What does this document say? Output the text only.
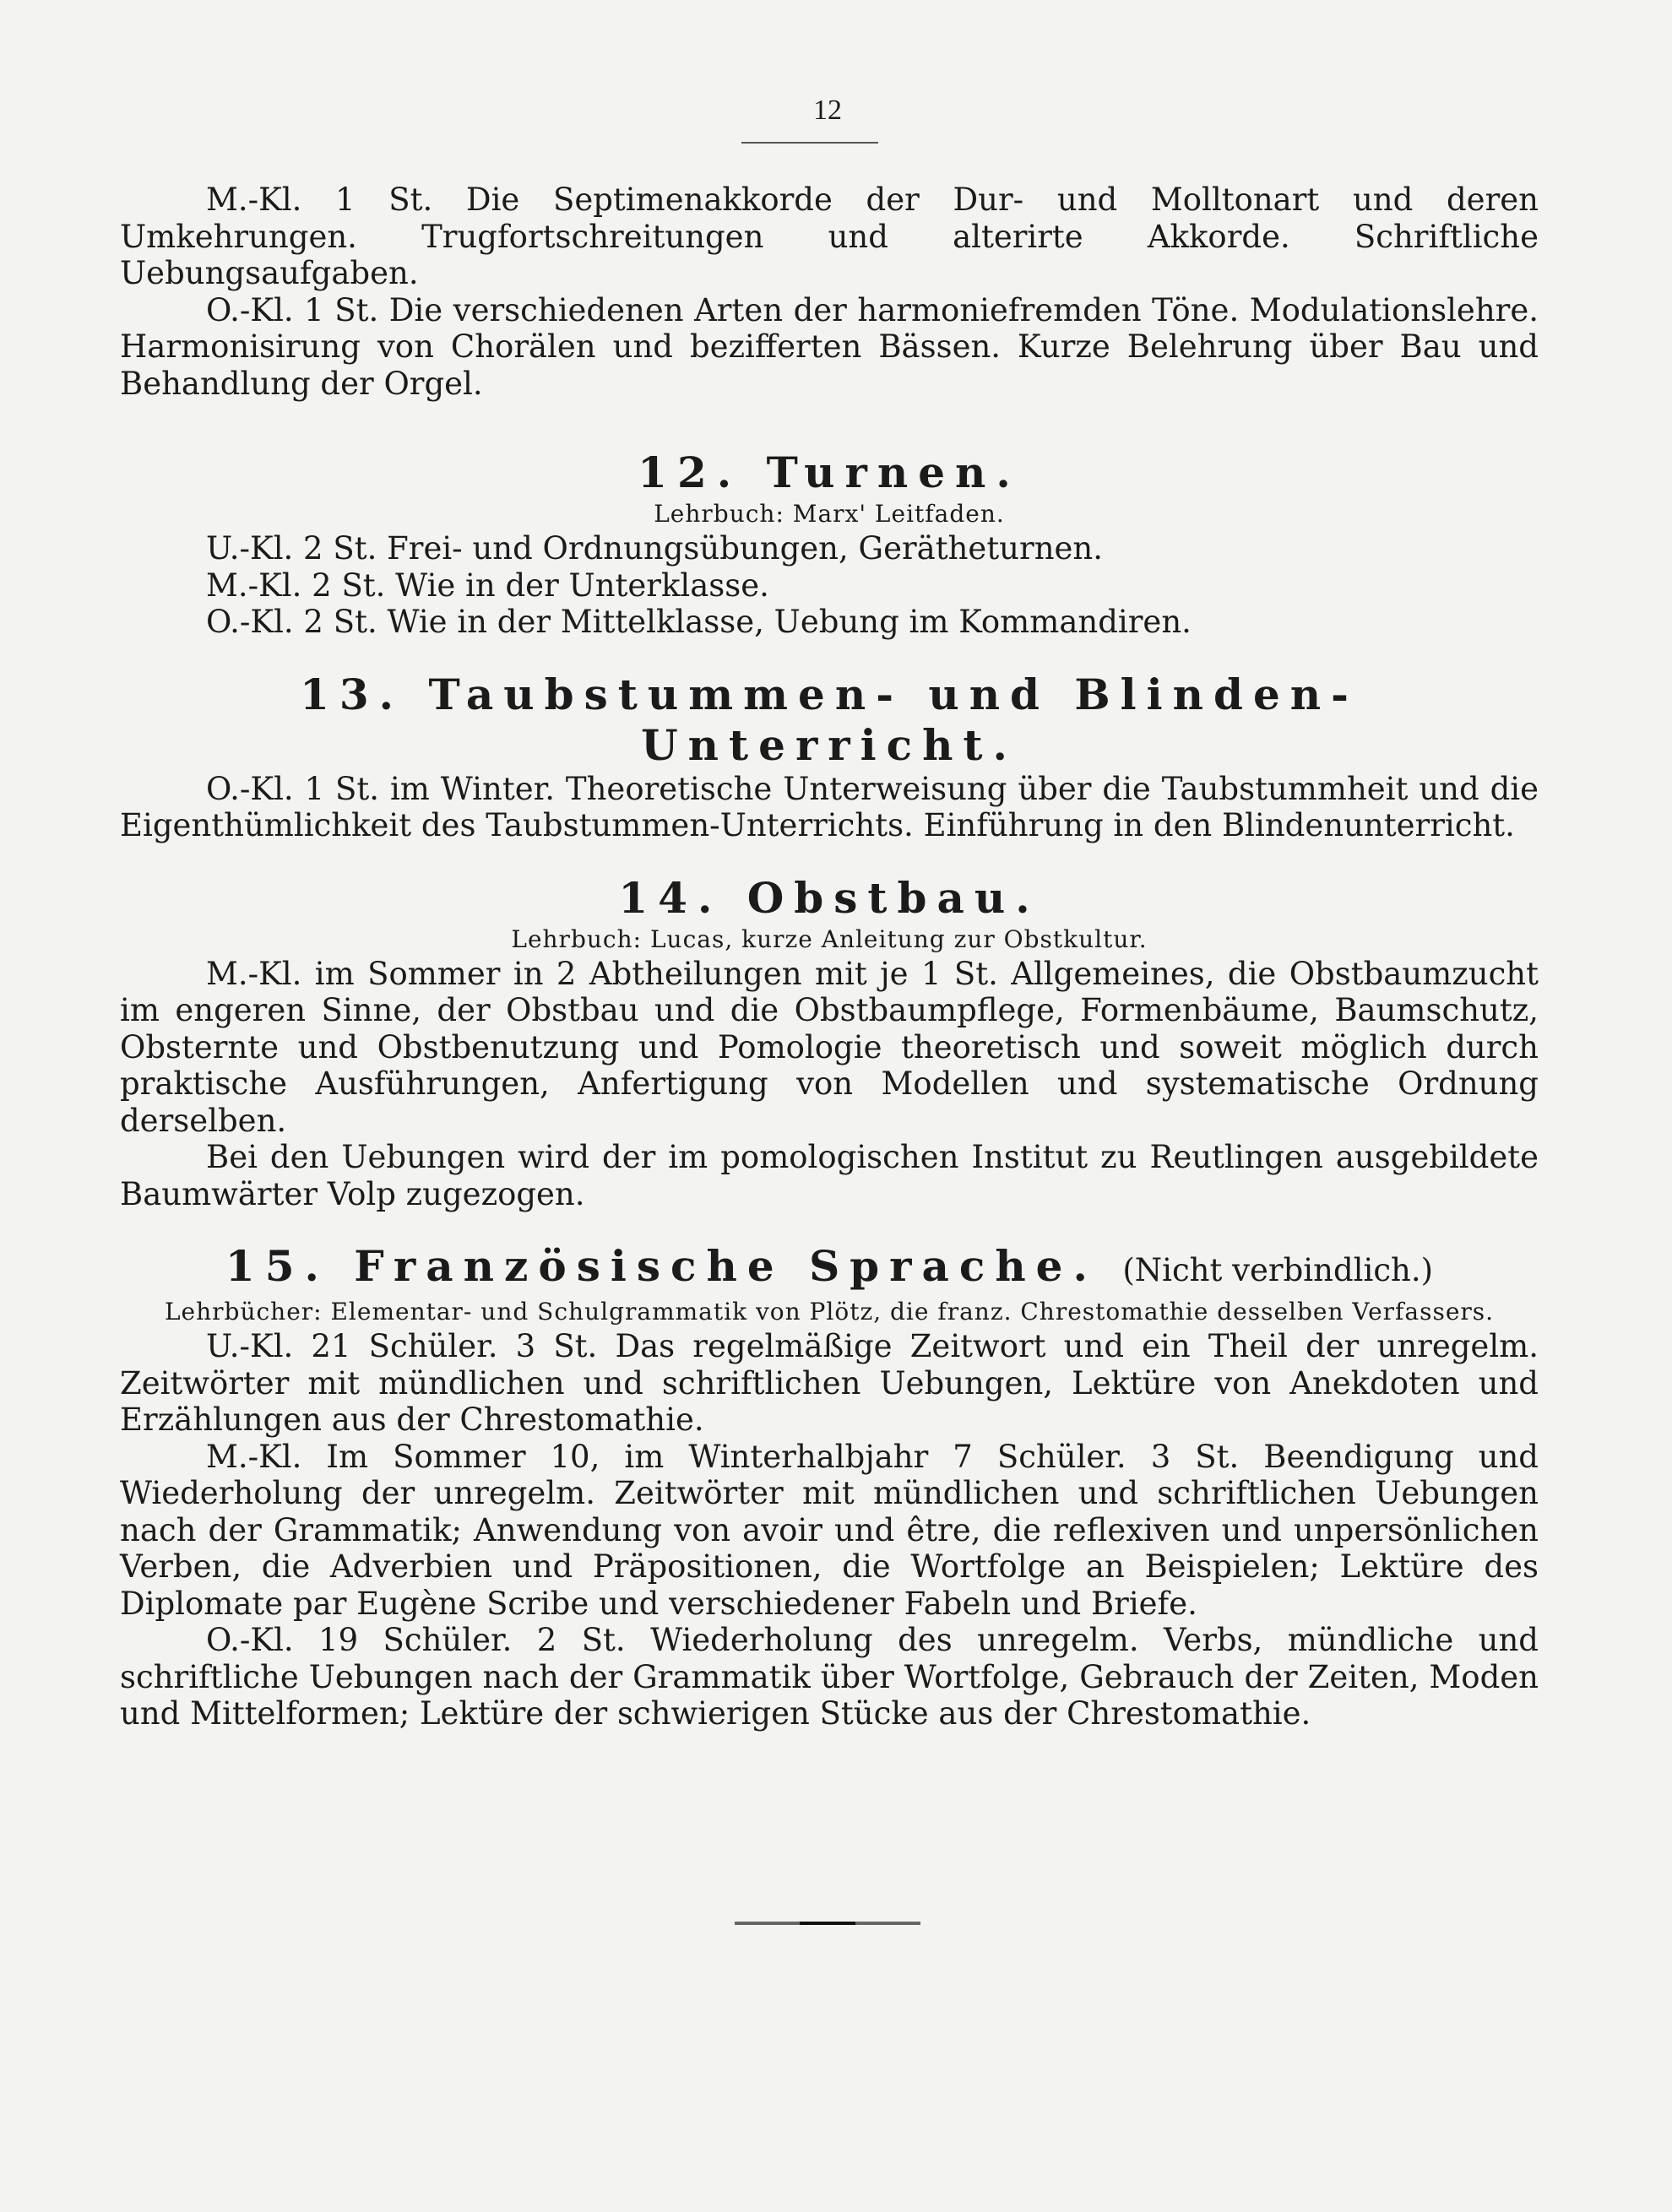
12

M.-Kl. 1 St. Die Septimenakkorde der Dur- und Molltonart und deren Umkehrungen. Trugfortschreitungen und alterirte Akkorde. Schriftliche Uebungsaufgaben.

O.-Kl. 1 St. Die verschiedenen Arten der harmoniefremden Töne. Modulationslehre. Harmonisirung von Chorälen und bezifferten Bässen. Kurze Belehrung über Bau und Behandlung der Orgel.

12. Turnen.
Lehrbuch: Marx' Leitfaden.

U.-Kl. 2 St. Frei- und Ordnungsübungen, Gerätheturnen.

M.-Kl. 2 St. Wie in der Unterklasse.

O.-Kl. 2 St. Wie in der Mittelklasse, Uebung im Kommandiren.

13. Taubstummen- und Blinden-Unterricht.

O.-Kl. 1 St. im Winter. Theoretische Unterweisung über die Taubstummheit und die Eigenthümlichkeit des Taubstummen-Unterrichts. Einführung in den Blindenunterricht.

14. Obstbau.
Lehrbuch: Lucas, kurze Anleitung zur Obstkultur.

M.-Kl. im Sommer in 2 Abtheilungen mit je 1 St. Allgemeines, die Obstbaumzucht im engeren Sinne, der Obstbau und die Obstbaumpflege, Formenbäume, Baumschutz, Obsternte und Obstbenutzung und Pomologie theoretisch und soweit möglich durch praktische Ausführungen, Anfertigung von Modellen und systematische Ordnung derselben.

Bei den Uebungen wird der im pomologischen Institut zu Reutlingen ausgebildete Baumwärter Volp zugezogen.

15. Französische Sprache. (Nicht verbindlich.)
Lehrbücher: Elementar- und Schulgrammatik von Plötz, die franz. Chrestomathie desselben Verfassers.

U.-Kl. 21 Schüler. 3 St. Das regelmäßige Zeitwort und ein Theil der unregelm. Zeitwörter mit mündlichen und schriftlichen Uebungen, Lektüre von Anekdoten und Erzählungen aus der Chrestomathie.

M.-Kl. Im Sommer 10, im Winterhalbjahr 7 Schüler. 3 St. Beendigung und Wiederholung der unregelm. Zeitwörter mit mündlichen und schriftlichen Uebungen nach der Grammatik; Anwendung von avoir und être, die reflexiven und unpersönlichen Verben, die Adverbien und Präpositionen, die Wortfolge an Beispielen; Lektüre des Diplomate par Eugène Scribe und verschiedener Fabeln und Briefe.

O.-Kl. 19 Schüler. 2 St. Wiederholung des unregelm. Verbs, mündliche und schriftliche Uebungen nach der Grammatik über Wortfolge, Gebrauch der Zeiten, Moden und Mittelformen; Lektüre der schwierigen Stücke aus der Chrestomathie.
